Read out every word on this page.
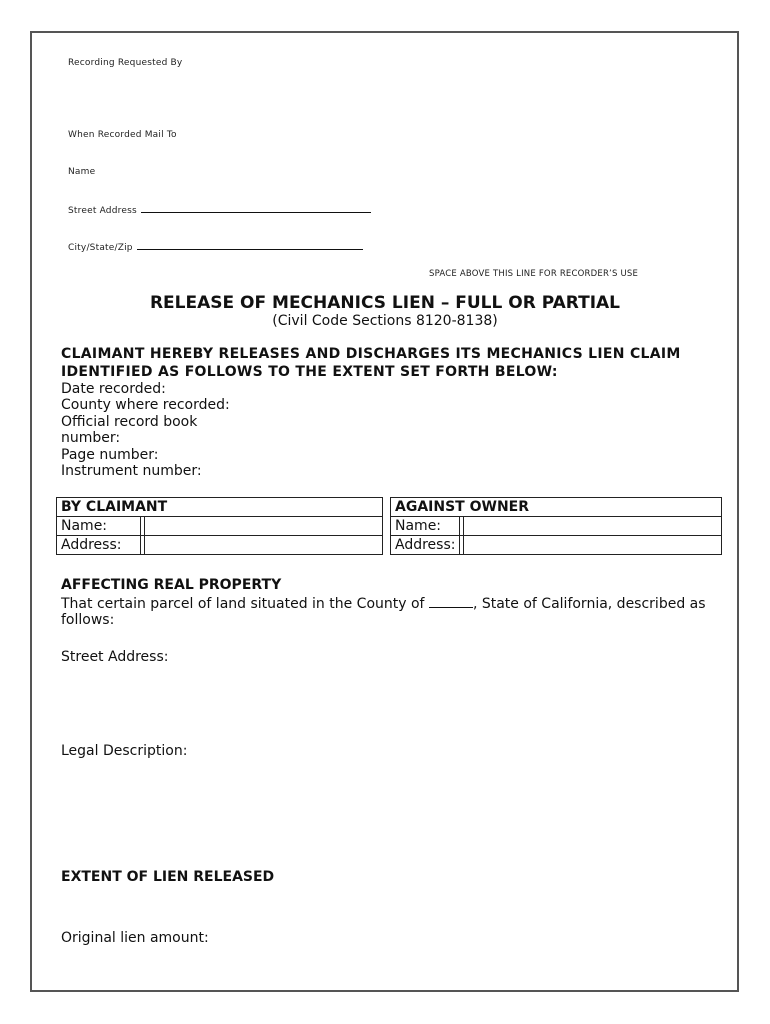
Recording Requested By
When Recorded Mail To
Name
Street Address
City/State/Zip
SPACE ABOVE THIS LINE FOR RECORDER’S USE
RELEASE OF MECHANICS LIEN – FULL OR PARTIAL
(Civil Code Sections 8120-8138)
CLAIMANT HEREBY RELEASES AND DISCHARGES ITS MECHANICS LIEN CLAIM
IDENTIFIED AS FOLLOWS TO THE EXTENT SET FORTH BELOW:
Date recorded:
County where recorded:
Official record book
number:
Page number:
Instrument number:
BY CLAIMANT		
Name:		
Address:		
AGAINST OWNER		
Name:		
Address:		
AFFECTING REAL PROPERTY
That certain parcel of land situated in the County of	, State of California, described as
follows:
Street Address:
Legal Description:
EXTENT OF LIEN RELEASED
Original lien amount:
